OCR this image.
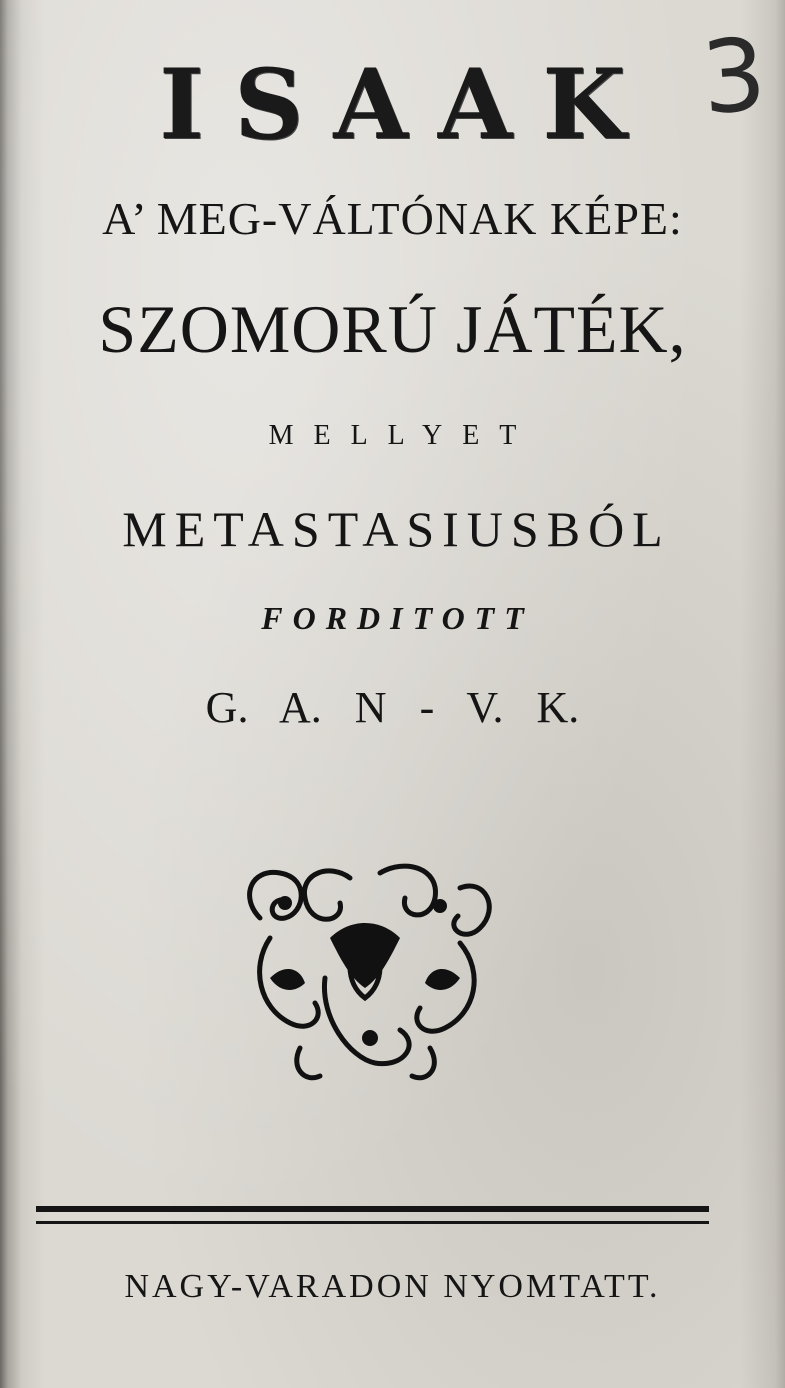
3
ISAAK
A’ MEG-VÁLTÓNAK KÉPE:
SZOMORÚ JÁTÉK,
MELLYET
METASTASIUSBÓL
FORDITOTT
G. A. N - V. K.
NAGY-VARADON NYOMTATT.
